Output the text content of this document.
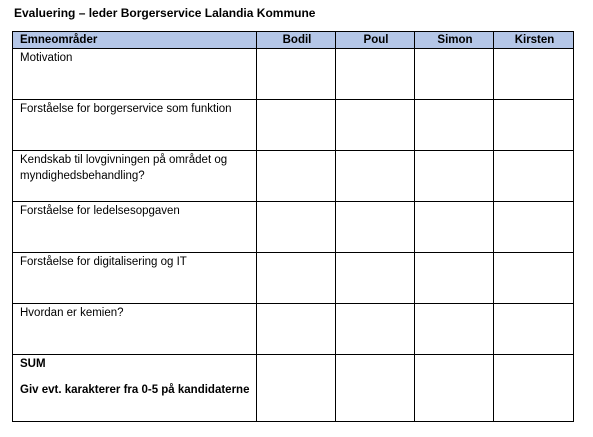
Evaluering – leder Borgerservice Lalandia Kommune
Emneområder	Bodil	Poul	Simon	Kirsten
Motivation				
Forståelse for borgerservice som funktion				
Kendskab til lovgivningen på området og myndighedsbehandling?				
Forståelse for ledelsesopgaven				
Forståelse for digitalisering og IT				
Hvordan er kemien?				
SUM
Giv evt. karakterer fra 0-5 på kandidaterne				
